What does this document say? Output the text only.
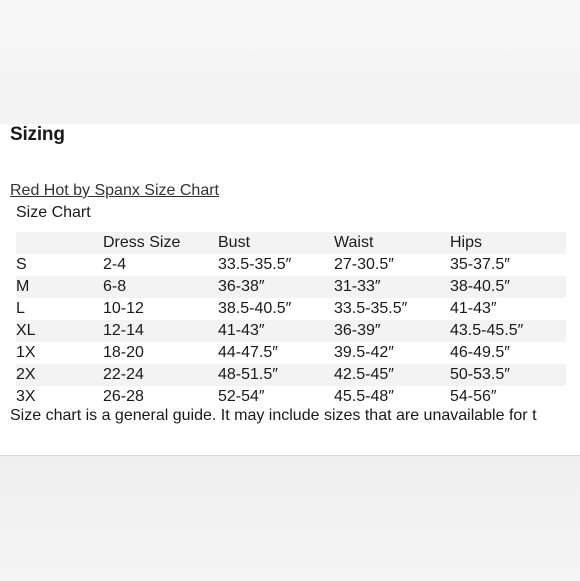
Sizing
Red Hot by Spanx Size Chart
Size Chart
	Dress Size	Bust	Waist	Hips
S	2-4	33.5-35.5″	27-30.5″	35-37.5″
M	6-8	36-38″	31-33″	38-40.5″
L	10-12	38.5-40.5″	33.5-35.5″	41-43″
XL	12-14	41-43″	36-39″	43.5-45.5″
1X	18-20	44-47.5″	39.5-42″	46-49.5″
2X	22-24	48-51.5″	42.5-45″	50-53.5″
3X	26-28	52-54″	45.5-48″	54-56″
Size chart is a general guide. It may include sizes that are unavailable for t
